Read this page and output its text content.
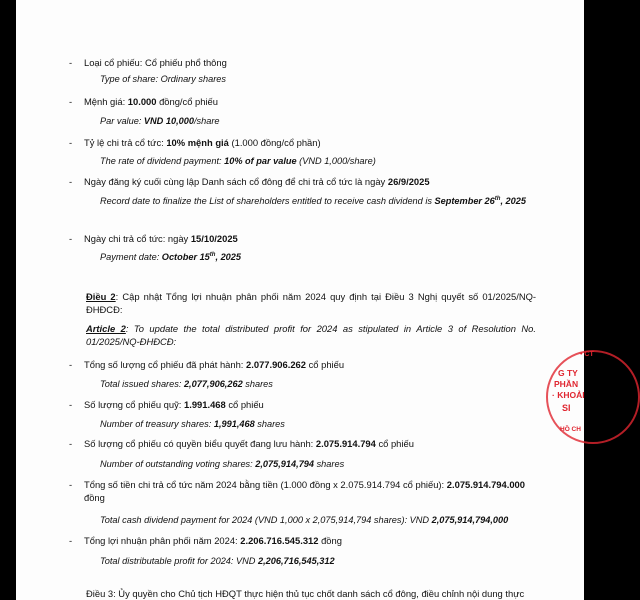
- Loại cổ phiếu: Cổ phiếu phổ thông
Type of share: Ordinary shares
- Mệnh giá: 10.000 đồng/cổ phiếu
Par value: VND 10,000/share
- Tỷ lệ chi trả cổ tức: 10% mệnh giá (1.000 đồng/cổ phần)
The rate of dividend payment: 10% of par value (VND 1,000/share)
- Ngày đăng ký cuối cùng lập Danh sách cổ đông để chi trả cổ tức là ngày 26/9/2025
Record date to finalize the List of shareholders entitled to receive cash dividend is September 26th, 2025
- Ngày chi trả cổ tức: ngày 15/10/2025
Payment date: October 15th, 2025
Điều 2: Cập nhật Tổng lợi nhuận phân phối năm 2024 quy định tại Điều 3 Nghị quyết số 01/2025/NQ-ĐHĐCĐ:
Article 2: To update the total distributed profit for 2024 as stipulated in Article 3 of Resolution No. 01/2025/NQ-ĐHĐCĐ:
- Tổng số lượng cổ phiếu đã phát hành: 2.077.906.262 cổ phiếu
Total issued shares: 2,077,906,262 shares
- Số lượng cổ phiếu quỹ: 1.991.468 cổ phiếu
Number of treasury shares: 1,991,468 shares
- Số lượng cổ phiếu có quyền biểu quyết đang lưu hành: 2.075.914.794 cổ phiếu
Number of outstanding voting shares: 2,075,914,794 shares
- Tổng số tiền chi trả cổ tức năm 2024 bằng tiền (1.000 đồng x 2.075.914.794 cổ phiếu): 2.075.914.794.000 đồng
Total cash dividend payment for 2024 (VND 1,000 x 2,075,914,794 shares): VND 2,075,914,794,000
- Tổng lợi nhuận phân phối năm 2024: 2.206.716.545.312 đồng
Total distributable profit for 2024: VND 2,206,716,545,312
Điều 3: Ủy quyền cho Chủ tịch HĐQT thực hiện thủ tục chốt danh sách cổ đông, điều chỉnh nội dung thực
• CT
G TY
PHẦN
· KHOẢI
SI
HỒ CH
